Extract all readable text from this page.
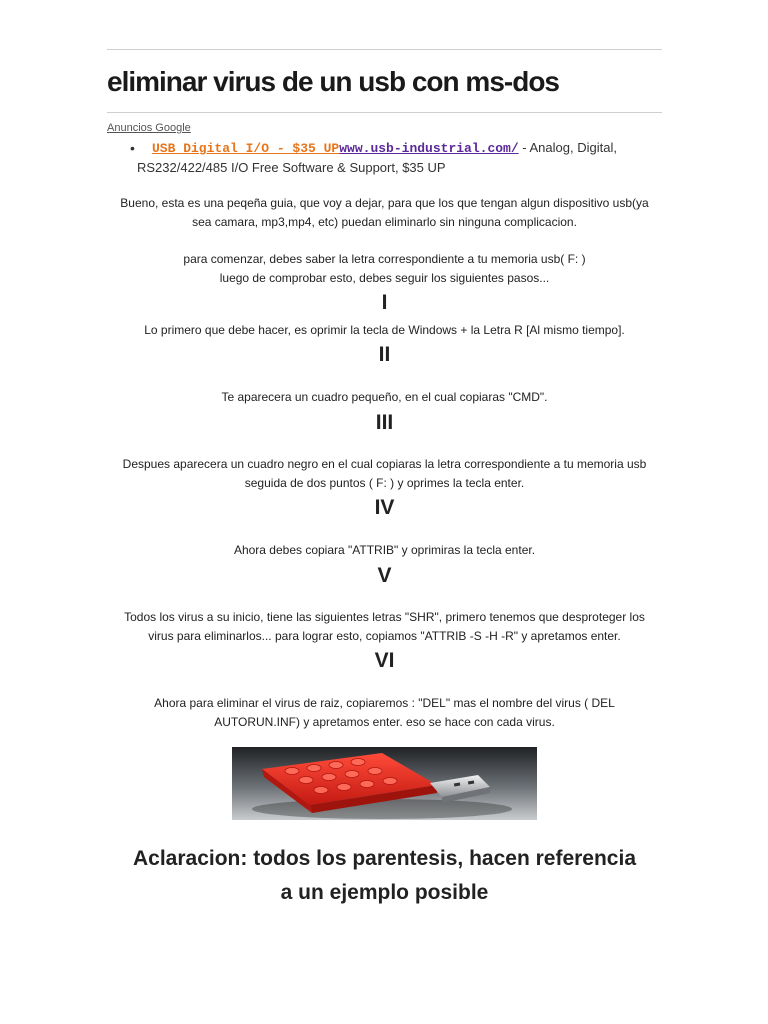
eliminar virus de un usb con ms-dos
Anuncios Google
• USB Digital I/O - $35 UPwww.usb-industrial.com/ - Analog, Digital,
RS232/422/485 I/O Free Software & Support, $35 UP
Bueno, esta es una peqeña guia, que voy a dejar, para que los que tengan algun dispositivo usb(ya
sea camara, mp3,mp4, etc) puedan eliminarlo sin ninguna complicacion.
para comenzar, debes saber la letra correspondiente a tu memoria usb( F: )
luego de comprobar esto, debes seguir los siguientes pasos...
I
Lo primero que debe hacer, es oprimir la tecla de Windows + la Letra R [Al mismo tiempo].
II
Te aparecera un cuadro pequeño, en el cual copiaras "CMD".
III
Despues aparecera un cuadro negro en el cual copiaras la letra correspondiente a tu memoria usb
seguida de dos puntos ( F: ) y oprimes la tecla enter.
IV
Ahora debes copiara "ATTRIB" y oprimiras la tecla enter.
V
Todos los virus a su inicio, tiene las siguientes letras "SHR", primero tenemos que desproteger los
virus para eliminarlos... para lograr esto, copiamos "ATTRIB -S -H -R" y apretamos enter.
VI
Ahora para eliminar el virus de raiz, copiaremos : "DEL" mas el nombre del virus ( DEL
AUTORUN.INF) y apretamos enter. eso se hace con cada virus.
Aclaracion: todos los parentesis, hacen referencia
a un ejemplo posible
